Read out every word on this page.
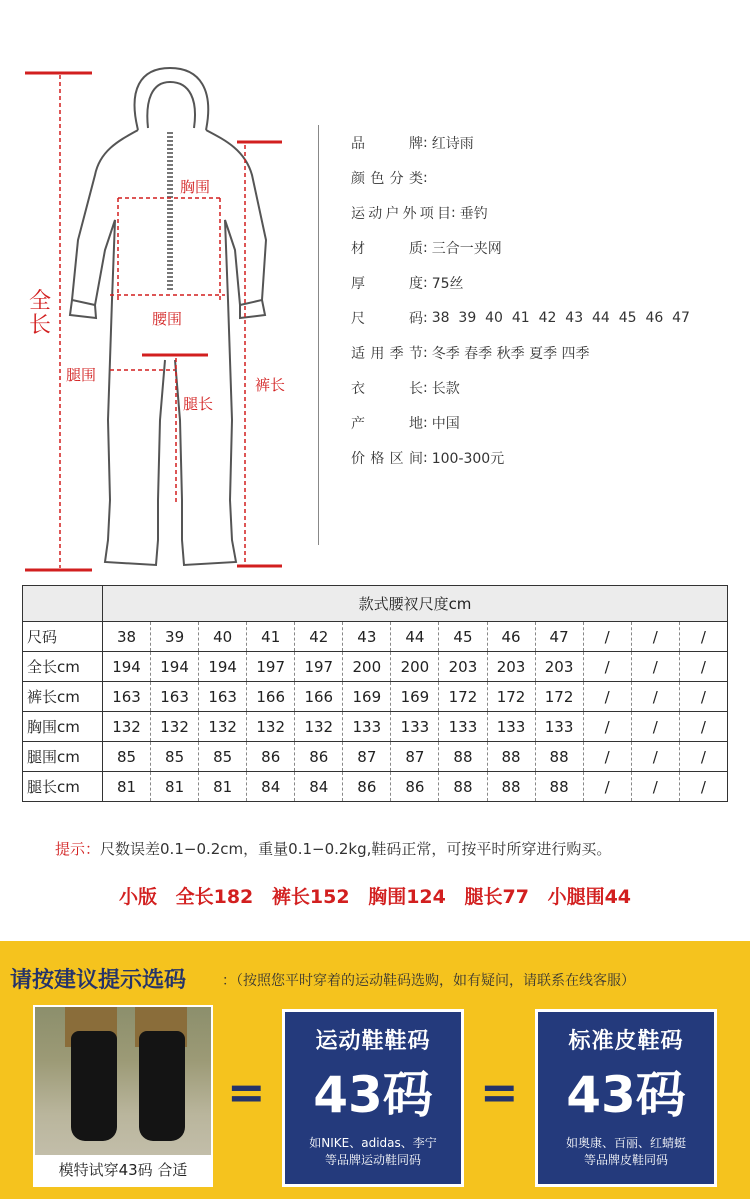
全长
胸围
腰围
腿围
腿长
裤长
品 牌 : 红诗雨
颜色分类 :
运动户外项目 : 垂钓
材 质 : 三合一夹网
厚 度 : 75丝
尺 码 : 38  39  40  41  42  43  44  45  46  47
适用季节 : 冬季 春季 秋季 夏季 四季
衣 长 : 长款
产 地 : 中国
价格区间 : 100-300元
	款式腰衩尺度cm												
尺码	38	39	40	41	42	43	44	45	46	47	/	/	/
全长cm	194	194	194	197	197	200	200	203	203	203	/	/	/
裤长cm	163	163	163	166	166	169	169	172	172	172	/	/	/
胸围cm	132	132	132	132	132	133	133	133	133	133	/	/	/
腿围cm	85	85	85	86	86	87	87	88	88	88	/	/	/
腿长cm	81	81	81	84	84	86	86	88	88	88	/	/	/
提示：尺数误差0.1−0.2cm，重量0.1−0.2kg,鞋码正常，可按平时所穿进行购买。
小版 全长182 裤长152 胸围124 腿长77 小腿围44
请按建议提示选码	：（按照您平时穿着的运动鞋码选购，如有疑问，请联系在线客服）
模特试穿43码 合适
=
运动鞋鞋码
43码
如NIKE、adidas、李宁
等品牌运动鞋同码
=
标准皮鞋码
43码
如奥康、百丽、红蜻蜓
等品牌皮鞋同码
